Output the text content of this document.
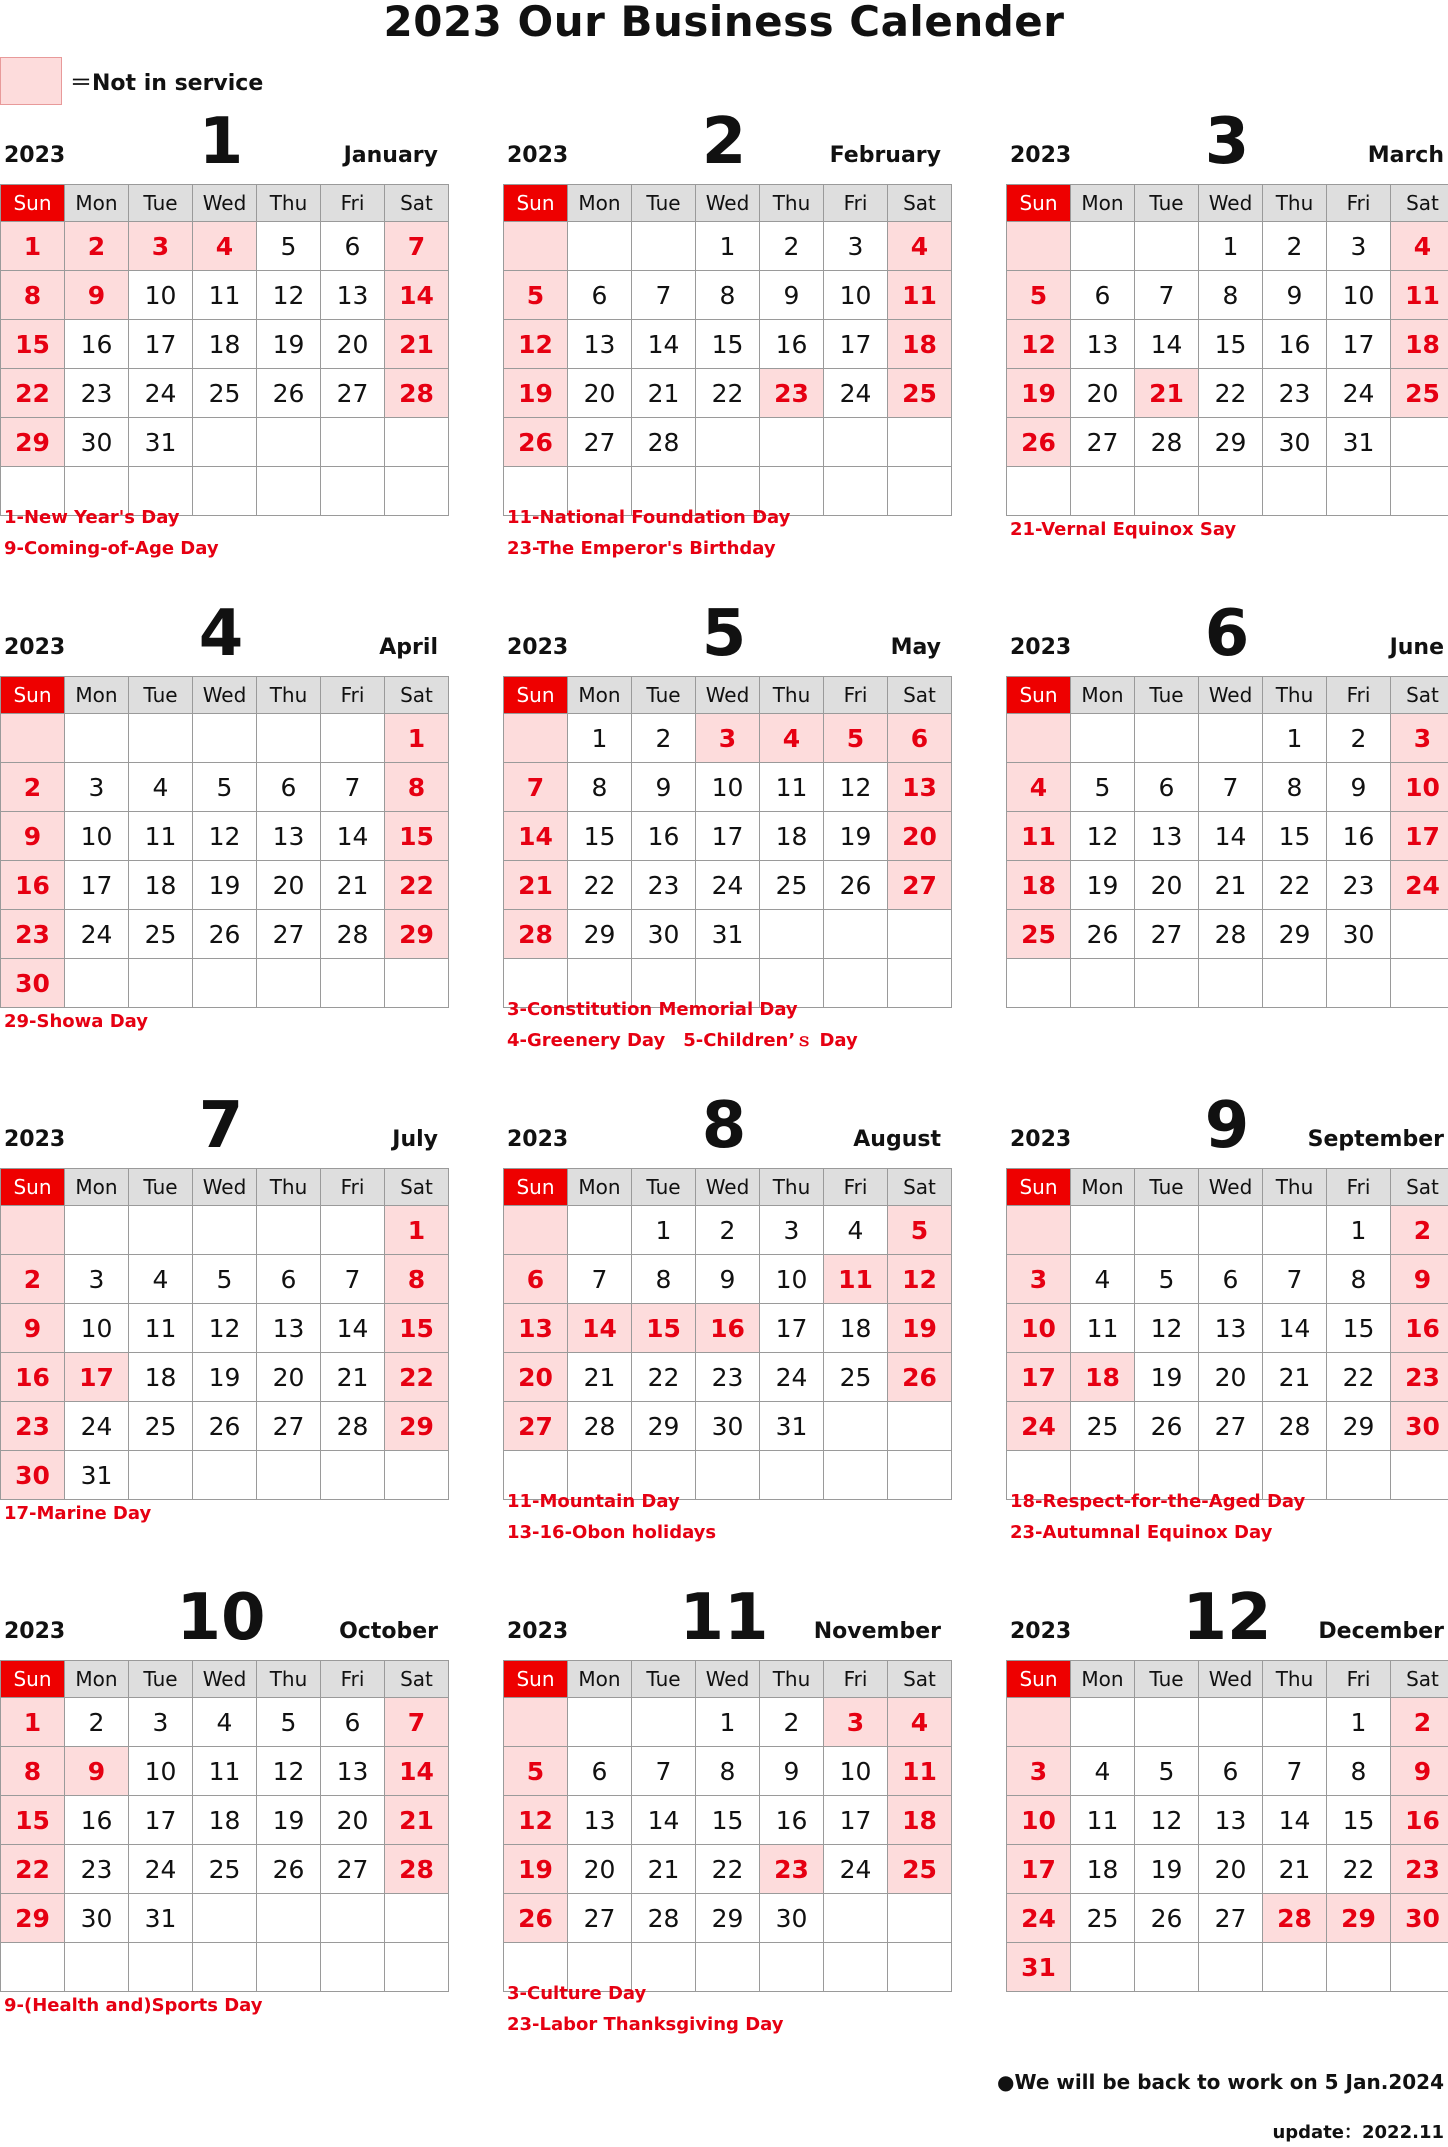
2023 Our Business Calender
＝Not in service
2023	1	January
Sun	Mon	Tue	Wed	Thu	Fri	Sat
1	2	3	4	5	6	7
8	9	10	11	12	13	14
15	16	17	18	19	20	21
22	23	24	25	26	27	28
29	30	31				

1-New Year's Day
9-Coming-of-Age Day
2023	2	February
Sun	Mon	Tue	Wed	Thu	Fri	Sat
			1	2	3	4
5	6	7	8	9	10	11
12	13	14	15	16	17	18
19	20	21	22	23	24	25
26	27	28				

11-National Foundation Day
23-The Emperor's Birthday
2023	3	March
Sun	Mon	Tue	Wed	Thu	Fri	Sat
			1	2	3	4
5	6	7	8	9	10	11
12	13	14	15	16	17	18
19	20	21	22	23	24	25
26	27	28	29	30	31	

21-Vernal Equinox Say
2023	4	April
Sun	Mon	Tue	Wed	Thu	Fri	Sat
						1
2	3	4	5	6	7	8
9	10	11	12	13	14	15
16	17	18	19	20	21	22
23	24	25	26	27	28	29
30						
29-Showa Day
2023	5	May
Sun	Mon	Tue	Wed	Thu	Fri	Sat
	1	2	3	4	5	6
7	8	9	10	11	12	13
14	15	16	17	18	19	20
21	22	23	24	25	26	27
28	29	30	31			

3-Constitution Memorial Day
4-Greenery Day　5-Children’ｓ Day
2023	6	June
Sun	Mon	Tue	Wed	Thu	Fri	Sat
				1	2	3
4	5	6	7	8	9	10
11	12	13	14	15	16	17
18	19	20	21	22	23	24
25	26	27	28	29	30	

2023	7	July
Sun	Mon	Tue	Wed	Thu	Fri	Sat
						1
2	3	4	5	6	7	8
9	10	11	12	13	14	15
16	17	18	19	20	21	22
23	24	25	26	27	28	29
30	31					
17-Marine Day
2023	8	August
Sun	Mon	Tue	Wed	Thu	Fri	Sat
		1	2	3	4	5
6	7	8	9	10	11	12
13	14	15	16	17	18	19
20	21	22	23	24	25	26
27	28	29	30	31		

11-Mountain Day
13-16-Obon holidays
2023	9	September
Sun	Mon	Tue	Wed	Thu	Fri	Sat
					1	2
3	4	5	6	7	8	9
10	11	12	13	14	15	16
17	18	19	20	21	22	23
24	25	26	27	28	29	30

18-Respect-for-the-Aged Day
23-Autumnal Equinox Day
2023	10	October
Sun	Mon	Tue	Wed	Thu	Fri	Sat
1	2	3	4	5	6	7
8	9	10	11	12	13	14
15	16	17	18	19	20	21
22	23	24	25	26	27	28
29	30	31				

9-(Health and)Sports Day
2023	11	November
Sun	Mon	Tue	Wed	Thu	Fri	Sat
			1	2	3	4
5	6	7	8	9	10	11
12	13	14	15	16	17	18
19	20	21	22	23	24	25
26	27	28	29	30		

3-Culture Day
23-Labor Thanksgiving Day
2023	12	December
Sun	Mon	Tue	Wed	Thu	Fri	Sat
					1	2
3	4	5	6	7	8	9
10	11	12	13	14	15	16
17	18	19	20	21	22	23
24	25	26	27	28	29	30
31						
●We will be back to work on 5 Jan.2024
update：2022.11
